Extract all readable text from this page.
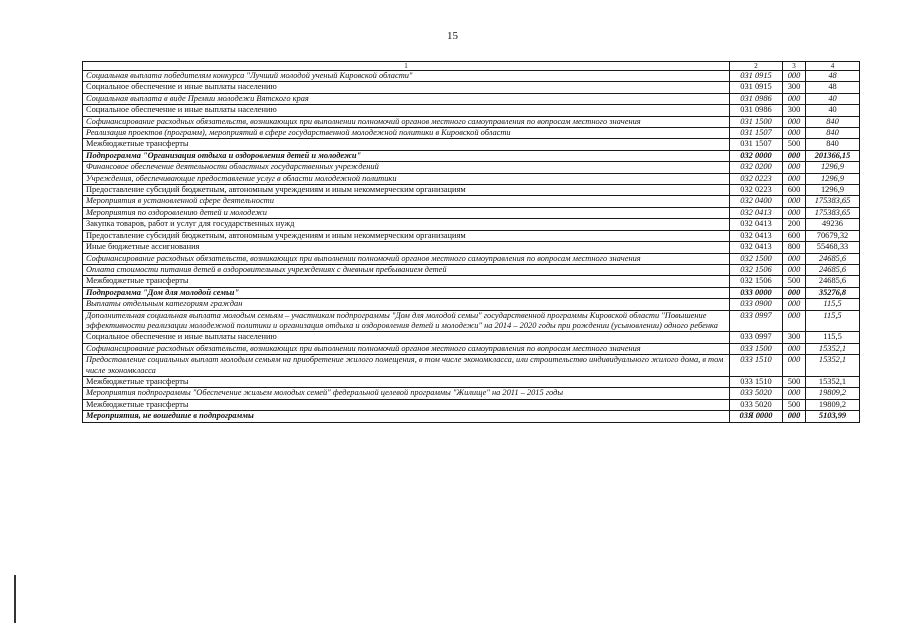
15
1	2	3	4
Социальная выплата победителям конкурса "Лучший молодой ученый Кировской области"	031 0915	000	48
Социальное обеспечение и иные выплаты населению	031 0915	300	48
Социальная выплата в виде Премии молодежи Вятского края	031 0986	000	40
Социальное обеспечение и иные выплаты населению	031 0986	300	40
Софинансирование расходных обязательств, возникающих при выполнении полномочий органов местного самоуправления по вопросам местного значения	031 1500	000	840
Реализация проектов (программ), мероприятий в сфере государственной молодежной политики в Кировской области	031 1507	000	840
Межбюджетные трансферты	031 1507	500	840
Подпрограмма "Организация отдыха и оздоровления детей и молодежи"	032 0000	000	201366,15
Финансовое обеспечение деятельности областных государственных учреждений	032 0200	000	1296,9
Учреждения, обеспечивающие предоставление услуг в области молодежной политики	032 0223	000	1296,9
Предоставление субсидий бюджетным, автономным учреждениям и иным некоммерческим организациям	032 0223	600	1296,9
Мероприятия в установленной сфере деятельности	032 0400	000	175383,65
Мероприятия по оздоровлению детей и молодежи	032 0413	000	175383,65
Закупка товаров, работ и услуг для государственных нужд	032 0413	200	49236
Предоставление субсидий бюджетным, автономным учреждениям и иным некоммерческим организациям	032 0413	600	70679,32
Иные бюджетные ассигнования	032 0413	800	55468,33
Софинансирование расходных обязательств, возникающих при выполнении полномочий органов местного самоуправления по вопросам местного значения	032 1500	000	24685,6
Оплата стоимости питания детей в оздоровительных учреждениях с дневным пребыванием детей	032 1506	000	24685,6
Межбюджетные трансферты	032 1506	500	24685,6
Подпрограмма "Дом для молодой семьи"	033 0000	000	35276,8
Выплаты отдельным категориям граждан	033 0900	000	115,5
Дополнительная социальная выплата молодым семьям – участникам подпрограммы "Дом для молодой семьи" государственной программы Кировской области "Повышение эффективности реализации молодежной политики и организация отдыха и оздоровления детей и молодежи" на 2014 – 2020 годы при рождении (усыновлении) одного ребенка	033 0997	000	115,5
Социальное обеспечение и иные выплаты населению	033 0997	300	115,5
Софинансирование расходных обязательств, возникающих при выполнении полномочий органов местного самоуправления по вопросам местного значения	033 1500	000	15352,1
Предоставление социальных выплат молодым семьям на приобретение жилого помещения, в том числе экономкласса, или строительство индивидуального жилого дома, в том числе экономкласса	033 1510	000	15352,1
Межбюджетные трансферты	033 1510	500	15352,1
Мероприятия подпрограммы "Обеспечение жильем молодых семей" федеральной целевой программы "Жилище" на 2011 – 2015 годы	033 5020	000	19809,2
Межбюджетные трансферты	033 5020	500	19809,2
Мероприятия, не вошедшие в подпрограммы	03Я 0000	000	5103,99
